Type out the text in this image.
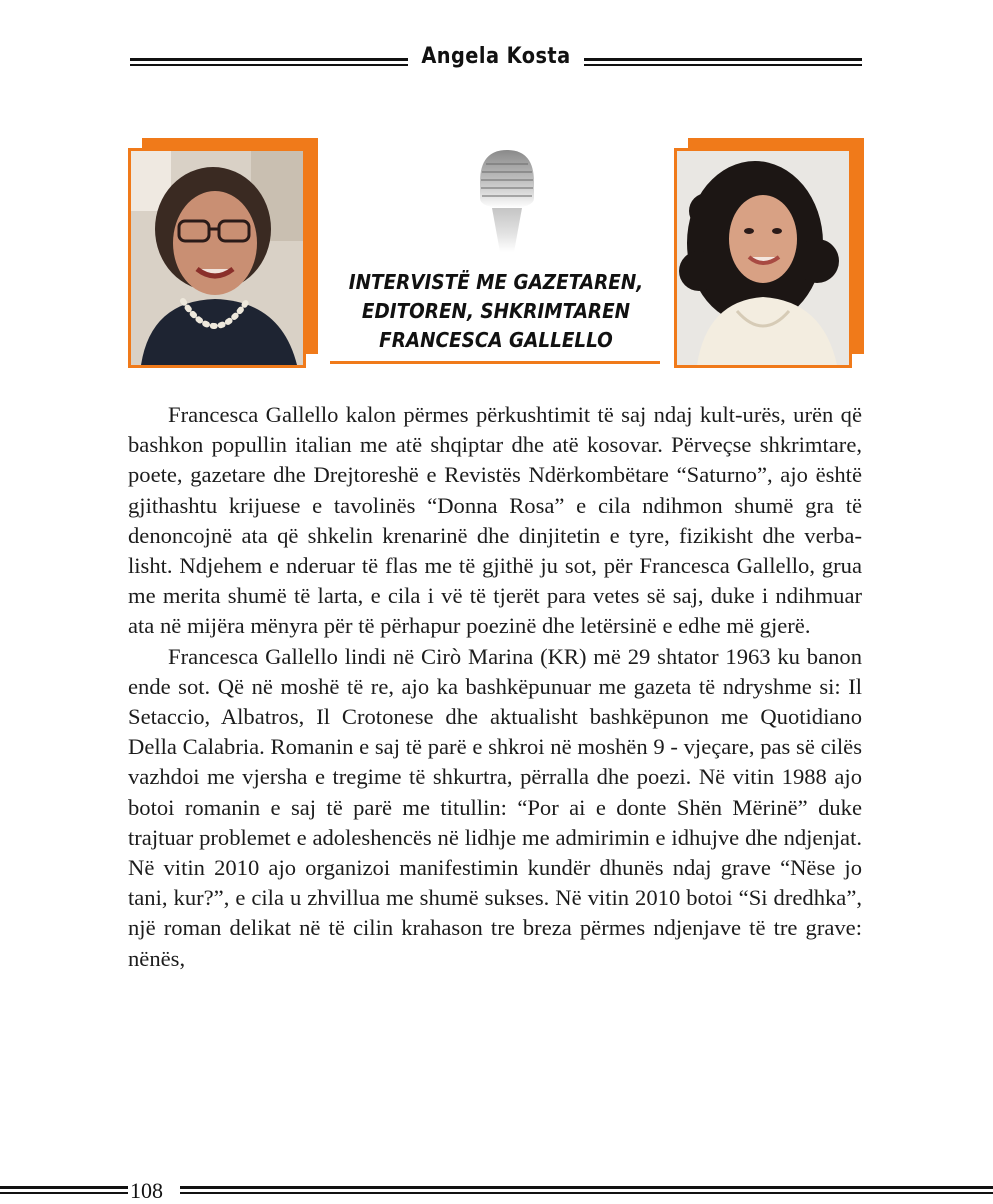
Angela Kosta
INTERVISTË ME GAZETAREN,
EDITOREN, SHKRIMTAREN
FRANCESCA GALLELLO

Francesca Gallello kalon përmes përkushtimit të saj ndaj kult-urës, urën që bashkon popullin italian me atë shqiptar dhe atë kosovar. Përveçse shkrimtare, poete, gazetare dhe Drejtoreshë e Revistës Ndërkombëtare “Saturno”, ajo është gjithashtu krijuese e tavolinës “Donna Rosa” e cila ndihmon shumë gra të denoncojnë ata që shkelin krenarinë dhe dinjitetin e tyre, fizikisht dhe verba-lisht. Ndjehem e nderuar të flas me të gjithë ju sot, për Francesca Gallello, grua me merita shumë të larta, e cila i vë të tjerët para vetes së saj, duke i ndihmuar ata në mijëra mënyra për të përhapur poezinë dhe letërsinë e edhe më gjerë.

Francesca Gallello lindi në Cirò Marina (KR) më 29 shtator 1963 ku banon ende sot. Që në moshë të re, ajo ka bashkëpunuar me gazeta të ndryshme si: Il Setaccio, Albatros, Il Crotonese dhe aktualisht bashkëpunon me Quotidiano Della Calabria. Romanin e saj të parë e shkroi në moshën 9 - vjeçare, pas së cilës vazhdoi me vjersha e tregime të shkurtra, përralla dhe poezi. Në vitin 1988 ajo botoi romanin e saj të parë me titullin: “Por ai e donte Shën Mërinë” duke trajtuar problemet e adoleshencës në lidhje me admirimin e idhujve dhe ndjenjat. Në vitin 2010 ajo organizoi manifestimin kundër dhunës ndaj grave “Nëse jo tani, kur?”, e cila u zhvillua me shumë sukses. Në vitin 2010 botoi “Si dredhka”, një roman delikat në të cilin krahason tre breza përmes ndjenjave të tre grave: nënës,

108
